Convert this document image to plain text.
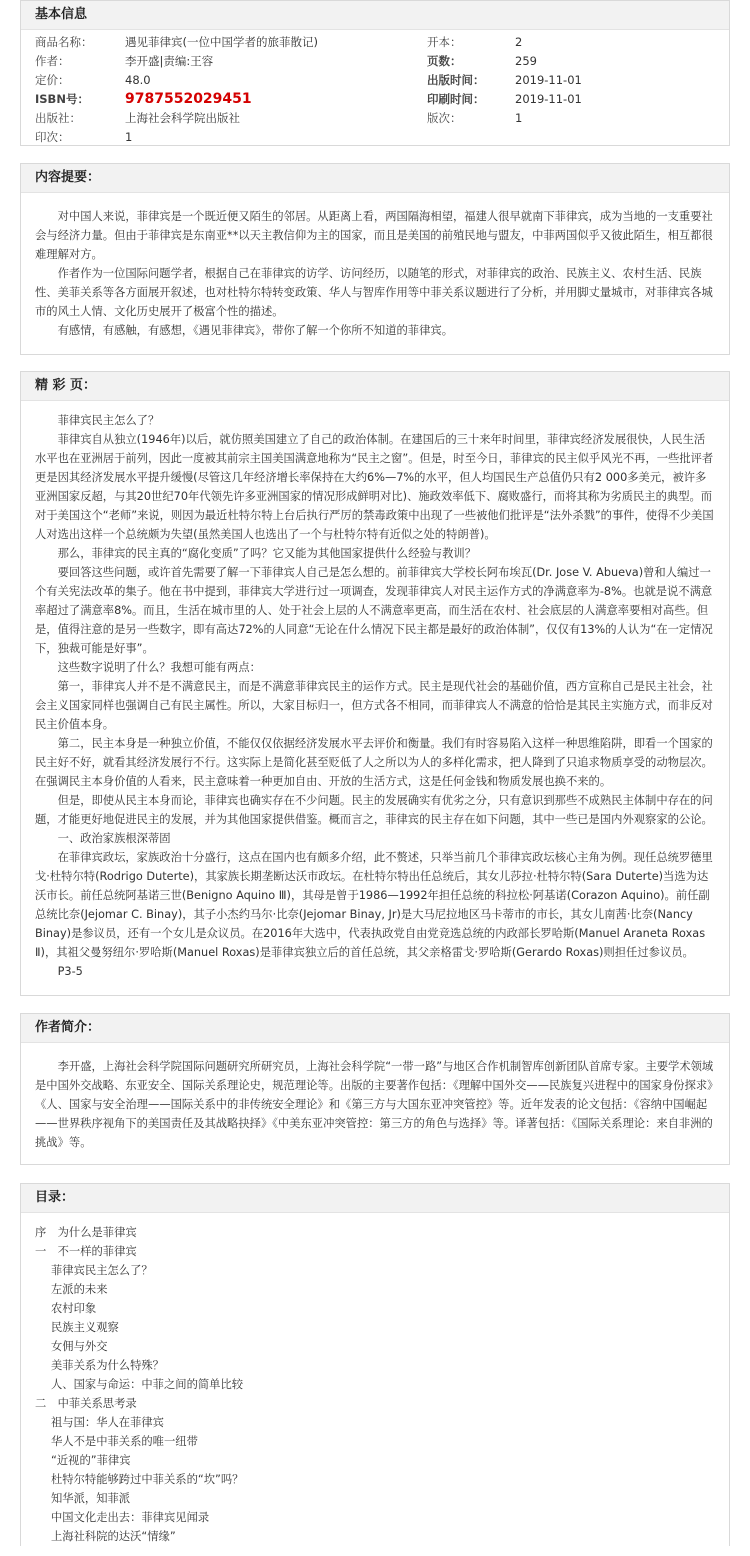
基本信息
商品名称：	遇见菲律宾(一位中国学者的旅菲散记)
作者：	李开盛|责编:王容
定价：	48.0
ISBN号：	9787552029451
出版社：	上海社会科学院出版社
印次：	1
开本：	2
页数：	259
出版时间：	2019-11-01
印刷时间：	2019-11-01
版次：	1
内容提要：

对中国人来说，菲律宾是一个既近便又陌生的邻居。从距离上看，两国隔海相望，福建人很早就南下菲律宾，成为当地的一支重要社会与经济力量。但由于菲律宾是东南亚**以天主教信仰为主的国家，而且是美国的前殖民地与盟友，中菲两国似乎又彼此陌生，相互都很难理解对方。

作者作为一位国际问题学者，根据自己在菲律宾的访学、访问经历，以随笔的形式，对菲律宾的政治、民族主义、农村生活、民族性、美菲关系等各方面展开叙述，也对杜特尔特转变政策、华人与智库作用等中菲关系议题进行了分析，并用脚丈量城市，对菲律宾各城市的风土人情、文化历史展开了极富个性的描述。

有感情，有感触，有感想，《遇见菲律宾》，带你了解一个你所不知道的菲律宾。

精 彩 页：

菲律宾民主怎么了？

菲律宾自从独立(1946年)以后，就仿照美国建立了自己的政治体制。在建国后的三十来年时间里，菲律宾经济发展很快，人民生活水平也在亚洲居于前列，因此一度被其前宗主国美国满意地称为“民主之窗”。但是，时至今日，菲律宾的民主似乎风光不再，一些批评者更是因其经济发展水平提升缓慢(尽管这几年经济增长率保持在大约6%—7%的水平，但人均国民生产总值仍只有2 000多美元，被许多亚洲国家反超，与其20世纪70年代领先许多亚洲国家的情况形成鲜明对比)、施政效率低下、腐败盛行，而将其称为劣质民主的典型。而对于美国这个“老师”来说，则因为最近杜特尔特上台后执行严厉的禁毒政策中出现了一些被他们批评是“法外杀戮”的事件，使得不少美国人对选出这样一个总统颇为失望(虽然美国人也选出了一个与杜特尔特有近似之处的特朗普)。

那么，菲律宾的民主真的“腐化变质”了吗？它又能为其他国家提供什么经验与教训？

要回答这些问题，或许首先需要了解一下菲律宾人自己是怎么想的。前菲律宾大学校长阿布埃瓦(Dr. Jose V. Abueva)曾和人编过一个有关宪法改革的集子。他在书中提到，菲律宾大学进行过一项调查，发现菲律宾人对民主运作方式的净满意率为-8%。也就是说不满意率超过了满意率8%。而且，生活在城市里的人、处于社会上层的人不满意率更高，而生活在农村、社会底层的人满意率要相对高些。但是，值得注意的是另一些数字，即有高达72%的人同意“无论在什么情况下民主都是最好的政治体制”，仅仅有13%的人认为“在一定情况下，独裁可能是好事”。

这些数字说明了什么？我想可能有两点：

第一，菲律宾人并不是不满意民主，而是不满意菲律宾民主的运作方式。民主是现代社会的基础价值，西方宣称自己是民主社会，社会主义国家同样也强调自己有民主属性。所以，大家目标归一，但方式各不相同，而菲律宾人不满意的恰恰是其民主实施方式，而非反对民主价值本身。

第二，民主本身是一种独立价值，不能仅仅依据经济发展水平去评价和衡量。我们有时容易陷入这样一种思维陷阱，即看一个国家的民主好不好，就看其经济发展行不行。这实际上是简化甚至贬低了人之所以为人的多样化需求，把人降到了只追求物质享受的动物层次。在强调民主本身价值的人看来，民主意味着一种更加自由、开放的生活方式，这是任何金钱和物质发展也换不来的。

但是，即使从民主本身而论，菲律宾也确实存在不少问题。民主的发展确实有优劣之分，只有意识到那些不成熟民主体制中存在的问题，才能更好地促进民主的发展，并为其他国家提供借鉴。概而言之，菲律宾的民主存在如下问题，其中一些已是国内外观察家的公论。

一、政治家族根深蒂固

在菲律宾政坛，家族政治十分盛行，这点在国内也有颇多介绍，此不赘述，只举当前几个菲律宾政坛核心主角为例。现任总统罗德里戈·杜特尔特(Rodrigo Duterte)，其家族长期垄断达沃市政坛。在杜特尔特出任总统后，其女儿莎拉·杜特尔特(Sara Duterte)当选为达沃市长。前任总统阿基诺三世(Benigno Aquino Ⅲ)，其母是曾于1986—1992年担任总统的科拉松·阿基诺(Corazon Aquino)。前任副总统比奈(Jejomar C. Binay)，其子小杰约马尔·比奈(Jejomar Binay, Jr)是大马尼拉地区马卡蒂市的市长，其女儿南茜·比奈(Nancy Binay)是参议员，还有一个女儿是众议员。在2016年大选中，代表执政党自由党竞选总统的内政部长罗哈斯(Manuel Araneta Roxas Ⅱ)，其祖父曼努纽尔·罗哈斯(Manuel Roxas)是菲律宾独立后的首任总统，其父亲格雷戈·罗哈斯(Gerardo Roxas)则担任过参议员。

P3-5

作者简介：

李开盛，上海社会科学院国际问题研究所研究员，上海社会科学院“一带一路”与地区合作机制智库创新团队首席专家。主要学术领域是中国外交战略、东亚安全、国际关系理论史，规范理论等。出版的主要著作包括：《理解中国外交——民族复兴进程中的国家身份探求》《人、国家与安全治理——国际关系中的非传统安全理论》和《第三方与大国东亚冲突管控》等。近年发表的论文包括：《容纳中国崛起——世界秩序视角下的美国责任及其战略抉择》《中美东亚冲突管控：第三方的角色与选择》等。译著包括：《国际关系理论：来自非洲的挑战》等。

目录：
序　为什么是菲律宾
一　不一样的菲律宾
菲律宾民主怎么了？
左派的未来
农村印象
民族主义观察
女佣与外交
美菲关系为什么特殊？
人、国家与命运：中菲之间的简单比较
二　中菲关系思考录
祖与国：华人在菲律宾
华人不是中菲关系的唯一纽带
“近视的”菲律宾
杜特尔特能够跨过中菲关系的“坎”吗？
知华派，知菲派
中国文化走出去：菲律宾见闻录
上海社科院的达沃“情缘”
